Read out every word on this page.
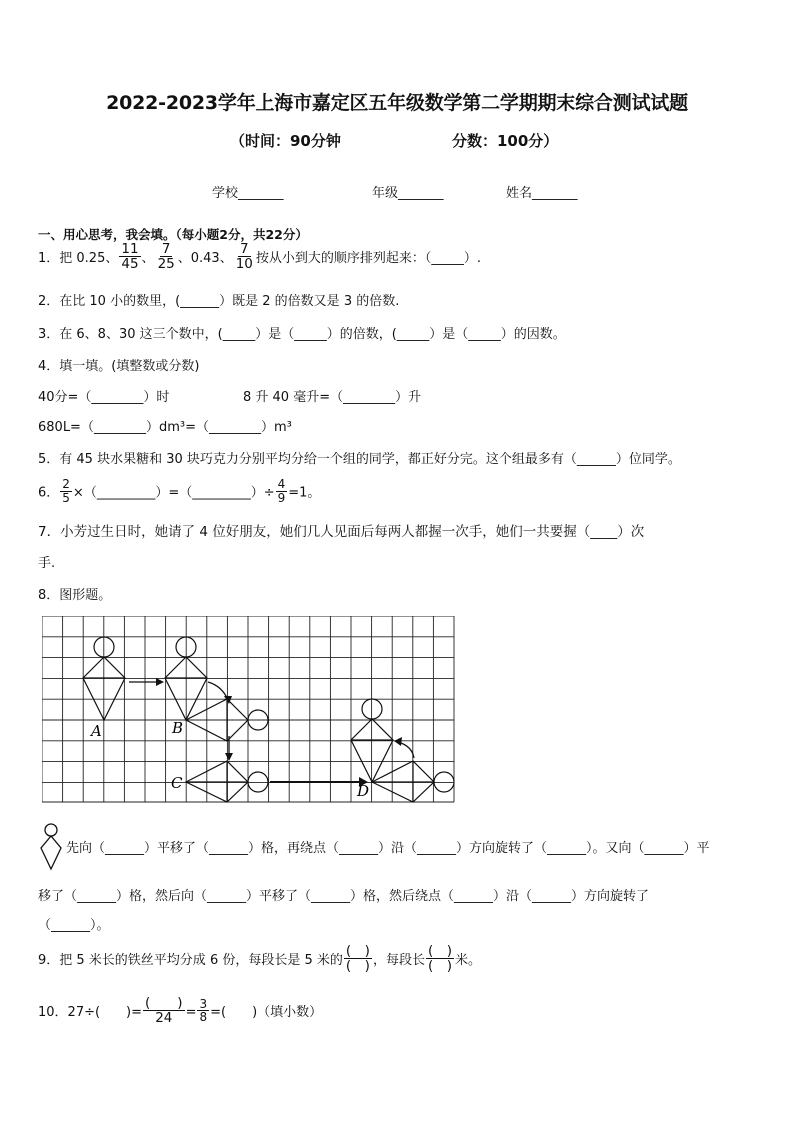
2022-2023学年上海市嘉定区五年级数学第二学期期末综合测试试题
（时间：90分钟	分数：100分）
学校_______	年级_______	姓名_______
一、用心思考，我会填。（每小题2分，共22分）
1．把 0.25、 $\frac{11}{45}$ 、 $\frac{7}{25}$ 、0.43、 $\frac{7}{10}$ 按从小到大的顺序排列起来：（_____）.
2．在比 10 小的数里，(______）既是 2 的倍数又是 3 的倍数.
3．在 6、8、30 这三个数中，(_____）是（_____）的倍数，(_____）是（_____）的因数。
4．填一填。(填整数或分数)
40分=（________）时	8 升 40 毫升=（________）升
680L=（________）dm³=（________）m³
5．有 45 块水果糖和 30 块巧克力分别平均分给一个组的同学，都正好分完。这个组最多有（______）位同学。
6． $\frac{2}{5}$ ×（_________）=（_________）÷ $\frac{4}{9} =1$。
7．小芳过生日时，她请了 4 位好朋友，她们几人见面后每两人都握一次手，她们一共要握（____）次
手.
8．图形题。
A	B
C	D
先向（______）平移了（______）格，再绕点（______）沿（______）方向旋转了（______）。又向（______）平
移了（______）格，然后向（______）平移了（______）格，然后绕点（______）沿（______）方向旋转了
（______）。
9．把 5 米长的铁丝平均分成 6 份，每段长是 5 米的 $\frac{( )}{( )}$ ，每段长 $\frac{( )}{( )}$ 米。
10．27÷(　　)= $\frac{( )}{24} = \frac{3}{8}$ =(　　)（填小数）
